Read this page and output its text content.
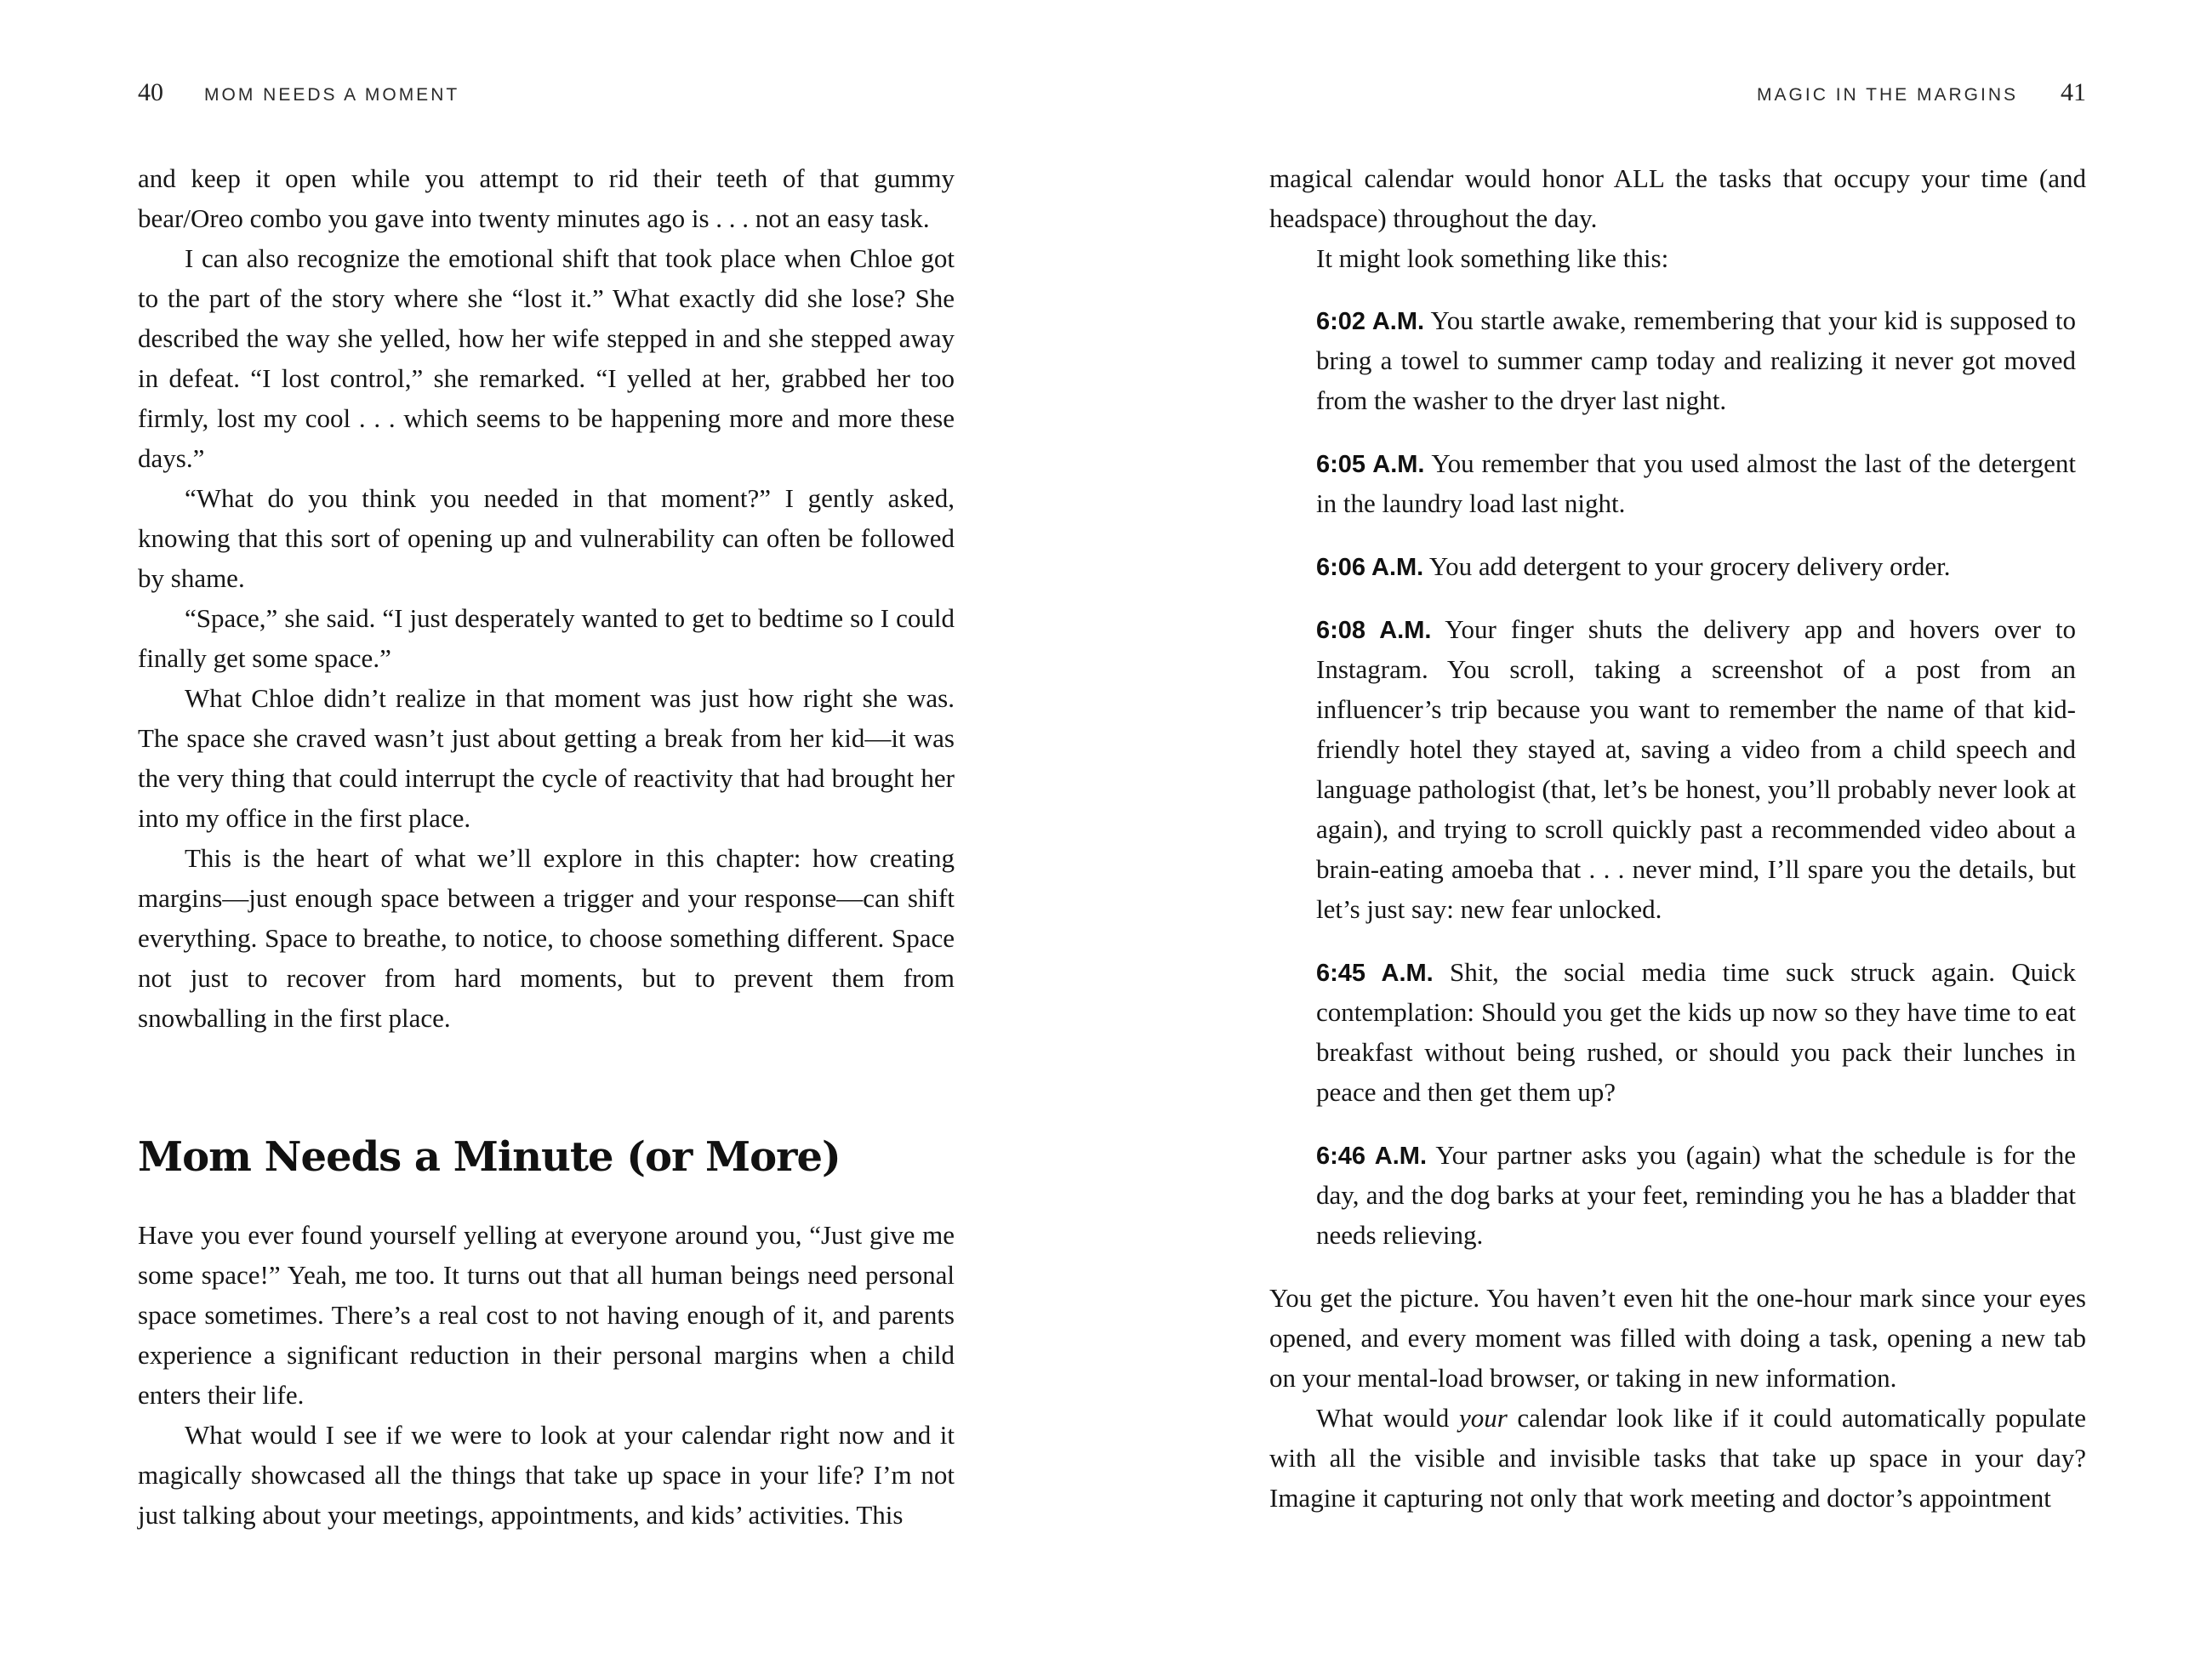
40 MOM NEEDS A MOMENT

and keep it open while you attempt to rid their teeth of that gummy bear/Oreo combo you gave into twenty minutes ago is . . . not an easy task.

I can also recognize the emotional shift that took place when Chloe got to the part of the story where she “lost it.” What exactly did she lose? She described the way she yelled, how her wife stepped in and she stepped away in defeat. “I lost control,” she remarked. “I yelled at her, grabbed her too firmly, lost my cool . . . which seems to be happening more and more these days.”

“What do you think you needed in that moment?” I gently asked, knowing that this sort of opening up and vulnerability can often be followed by shame.

“Space,” she said. “I just desperately wanted to get to bedtime so I could finally get some space.”

What Chloe didn’t realize in that moment was just how right she was. The space she craved wasn’t just about getting a break from her kid—it was the very thing that could interrupt the cycle of reactivity that had brought her into my office in the first place.

This is the heart of what we’ll explore in this chapter: how creating margins—just enough space between a trigger and your response—can shift everything. Space to breathe, to notice, to choose something different. Space not just to recover from hard moments, but to prevent them from snowballing in the first place.

Mom Needs a Minute (or More)

Have you ever found yourself yelling at everyone around you, “Just give me some space!” Yeah, me too. It turns out that all human beings need personal space sometimes. There’s a real cost to not having enough of it, and parents experience a significant reduction in their personal margins when a child enters their life.

What would I see if we were to look at your calendar right now and it magically showcased all the things that take up space in your life? I’m not just talking about your meetings, appointments, and kids’ activities. This

MAGIC IN THE MARGINS 41

magical calendar would honor ALL the tasks that occupy your time (and headspace) throughout the day.

It might look something like this:

6:02 A.M. You startle awake, remembering that your kid is supposed to bring a towel to summer camp today and realizing it never got moved from the washer to the dryer last night.

6:05 A.M. You remember that you used almost the last of the detergent in the laundry load last night.

6:06 A.M. You add detergent to your grocery delivery order.

6:08 A.M. Your finger shuts the delivery app and hovers over to Instagram. You scroll, taking a screenshot of a post from an influencer’s trip because you want to remember the name of that kid-friendly hotel they stayed at, saving a video from a child speech and language pathologist (that, let’s be honest, you’ll probably never look at again), and trying to scroll quickly past a recommended video about a brain-eating amoeba that . . . never mind, I’ll spare you the details, but let’s just say: new fear unlocked.

6:45 A.M. Shit, the social media time suck struck again. Quick contemplation: Should you get the kids up now so they have time to eat breakfast without being rushed, or should you pack their lunches in peace and then get them up?

6:46 A.M. Your partner asks you (again) what the schedule is for the day, and the dog barks at your feet, reminding you he has a bladder that needs relieving.

You get the picture. You haven’t even hit the one-hour mark since your eyes opened, and every moment was filled with doing a task, opening a new tab on your mental-load browser, or taking in new information.

What would your calendar look like if it could automatically populate with all the visible and invisible tasks that take up space in your day? Imagine it capturing not only that work meeting and doctor’s appointment
